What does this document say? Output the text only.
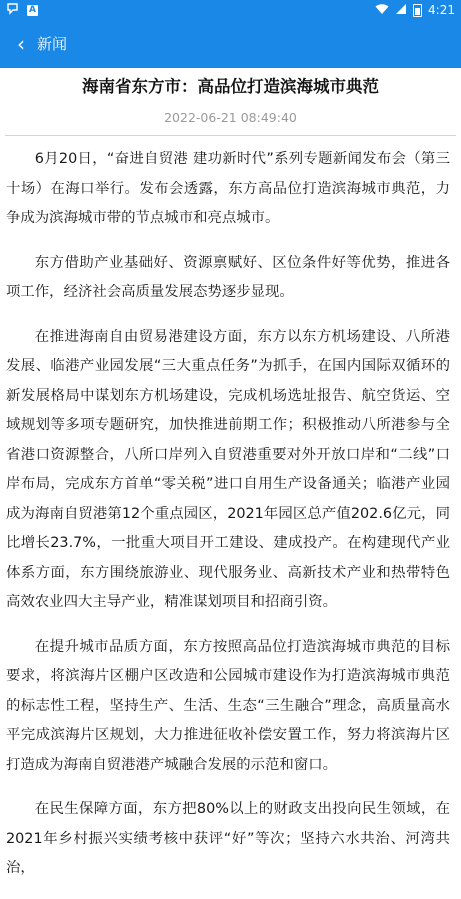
A	4:21
‹ 新闻
海南省东方市：高品位打造滨海城市典范
2022-06-21 08:49:40

6月20日，“奋进自贸港 建功新时代”系列专题新闻发布会（第三十场）在海口举行。发布会透露，东方高品位打造滨海城市典范，力争成为滨海城市带的节点城市和亮点城市。

东方借助产业基础好、资源禀赋好、区位条件好等优势，推进各项工作，经济社会高质量发展态势逐步显现。

在推进海南自由贸易港建设方面，东方以东方机场建设、八所港发展、临港产业园发展“三大重点任务”为抓手，在国内国际双循环的新发展格局中谋划东方机场建设，完成机场选址报告、航空货运、空域规划等多项专题研究，加快推进前期工作；积极推动八所港参与全省港口资源整合，八所口岸列入自贸港重要对外开放口岸和“二线”口岸布局，完成东方首单“零关税”进口自用生产设备通关；临港产业园成为海南自贸港第12个重点园区，2021年园区总产值202.6亿元，同比增长23.7%，一批重大项目开工建设、建成投产。在构建现代产业体系方面，东方围绕旅游业、现代服务业、高新技术产业和热带特色高效农业四大主导产业，精准谋划项目和招商引资。

在提升城市品质方面，东方按照高品位打造滨海城市典范的目标要求，将滨海片区棚户区改造和公园城市建设作为打造滨海城市典范的标志性工程，坚持生产、生活、生态“三生融合”理念，高质量高水平完成滨海片区规划，大力推进征收补偿安置工作，努力将滨海片区打造成为海南自贸港港产城融合发展的示范和窗口。

在民生保障方面，东方把80%以上的财政支出投向民生领域，在2021年乡村振兴实绩考核中获评“好”等次；坚持六水共治、河湾共治，
